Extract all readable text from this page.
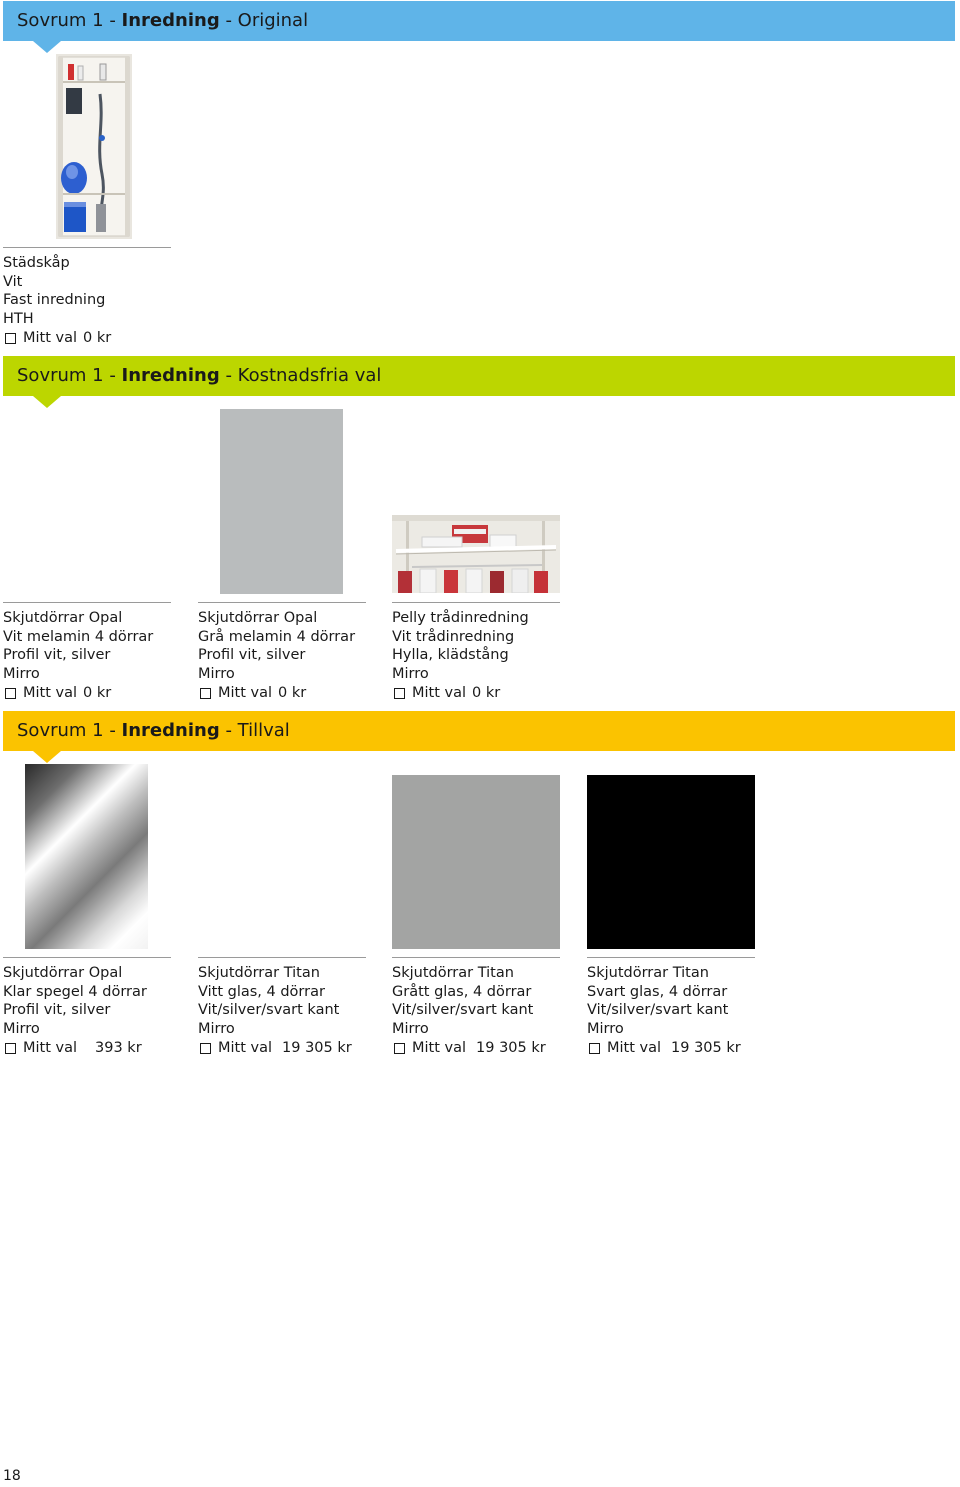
Sovrum 1 - Inredning - Original
Städskåp
Vit
Fast inredning
HTH
Mitt val 0 kr
Sovrum 1 - Inredning - Kostnadsfria val
Skjutdörrar Opal
Vit melamin 4 dörrar
Profil vit, silver
Mirro
Mitt val 0 kr
Skjutdörrar Opal
Grå melamin 4 dörrar
Profil vit, silver
Mirro
Mitt val 0 kr
Pelly trådinredning
Vit trådinredning
Hylla, klädstång
Mirro
Mitt val 0 kr
Sovrum 1 - Inredning - Tillval
Skjutdörrar Opal
Klar spegel 4 dörrar
Profil vit, silver
Mirro
Mitt val 393 kr
Skjutdörrar Titan
Vitt glas, 4 dörrar
Vit/silver/svart kant
Mirro
Mitt val 19 305 kr
Skjutdörrar Titan
Grått glas, 4 dörrar
Vit/silver/svart kant
Mirro
Mitt val 19 305 kr
Skjutdörrar Titan
Svart glas, 4 dörrar
Vit/silver/svart kant
Mirro
Mitt val 19 305 kr
18
